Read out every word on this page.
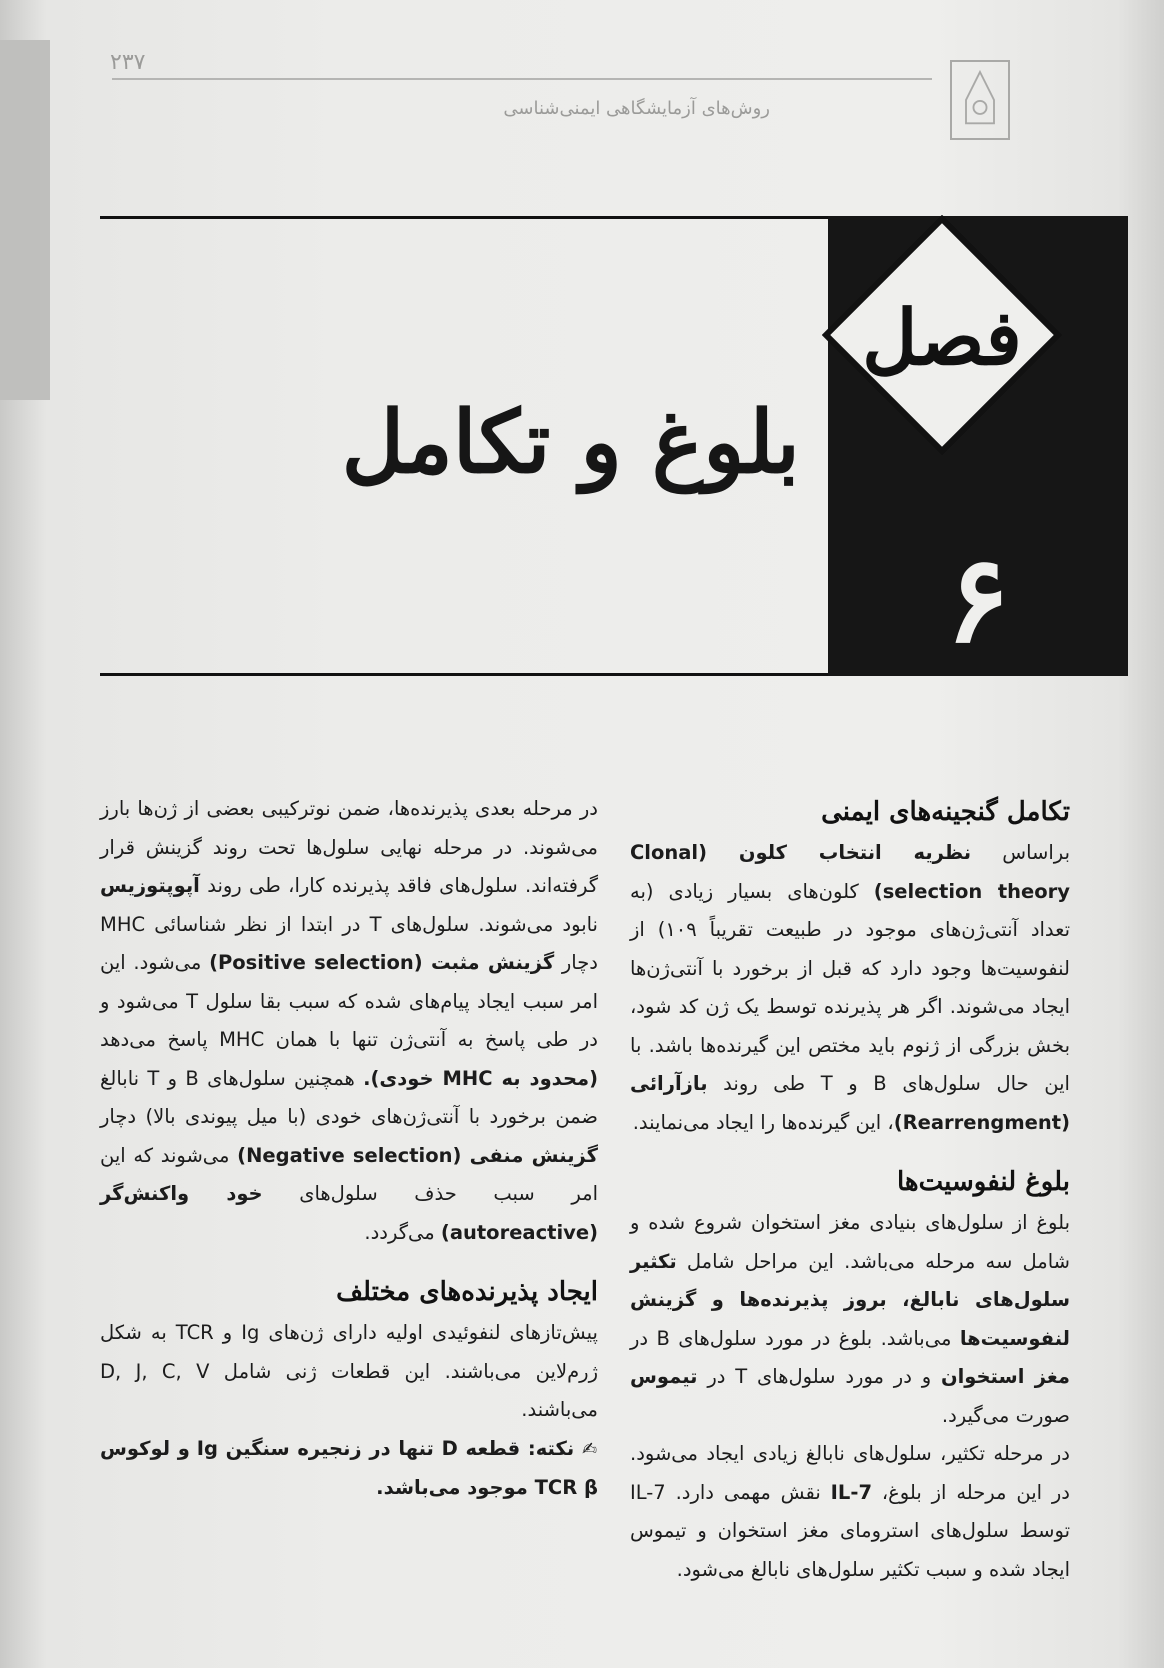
۲۳۷
روش‌های آزمایشگاهی ایمنی‌شناسی
فصل
۶
بلوغ و تکامل
تکامل گنجینه‌های ایمنی

براساس نظریه انتخاب کلون (Clonal selection theory) کلون‌های بسیار زیادی (به تعداد آنتی‌ژن‌های موجود در طبیعت تقریباً ۱۰۹) از لنفوسیت‌ها وجود دارد که قبل از برخورد با آنتی‌ژن‌ها ایجاد می‌شوند. اگر هر پذیرنده توسط یک ژن کد شود، بخش بزرگی از ژنوم باید مختص این گیرنده‌ها باشد. با این حال سلول‌های B و T طی روند بازآرائی (Rearrengment)، این گیرنده‌ها را ایجاد می‌نمایند.

بلوغ لنفوسیت‌ها

بلوغ از سلول‌های بنیادی مغز استخوان شروع شده و شامل سه مرحله می‌باشد. این مراحل شامل تکثیر سلول‌های نابالغ، بروز پذیرنده‌ها و گزینش لنفوسیت‌ها می‌باشد. بلوغ در مورد سلول‌های B در مغز استخوان و در مورد سلول‌های T در تیموس صورت می‌گیرد.

در مرحله تکثیر، سلول‌های نابالغ زیادی ایجاد می‌شود. در این مرحله از بلوغ، IL-7 نقش مهمی دارد. IL-7 توسط سلول‌های استرومای مغز استخوان و تیموس ایجاد شده و سبب تکثیر سلول‌های نابالغ می‌شود.

در مرحله بعدی پذیرنده‌ها، ضمن نوترکیبی بعضی از ژن‌ها بارز می‌شوند. در مرحله نهایی سلول‌ها تحت روند گزینش قرار گرفته‌اند. سلول‌های فاقد پذیرنده کارا، طی روند آپوپتوزیس نابود می‌شوند. سلول‌های T در ابتدا از نظر شناسائی MHC دچار گزینش مثبت (Positive selection) می‌شود. این امر سبب ایجاد پیام‌های شده که سبب بقا سلول T می‌شود و در طی پاسخ به آنتی‌ژن تنها با همان MHC پاسخ می‌دهد (محدود به MHC خودی). همچنین سلول‌های B و T نابالغ ضمن برخورد با آنتی‌ژن‌های خودی (با میل پیوندی بالا) دچار گزینش منفی (Negative selection) می‌شوند که این امر سبب حذف سلول‌های خود واکنش‌گر (autoreactive) می‌گردد.

ایجاد پذیرنده‌های مختلف

پیش‌تازهای لنفوئیدی اولیه دارای ژن‌های Ig و TCR به شکل ژرم‌لاین می‌باشند. این قطعات ژنی شامل D, J, C, V می‌باشند.

✍ نکته: قطعه D تنها در زنجیره سنگین Ig و لوکوس TCR β موجود می‌باشد.
